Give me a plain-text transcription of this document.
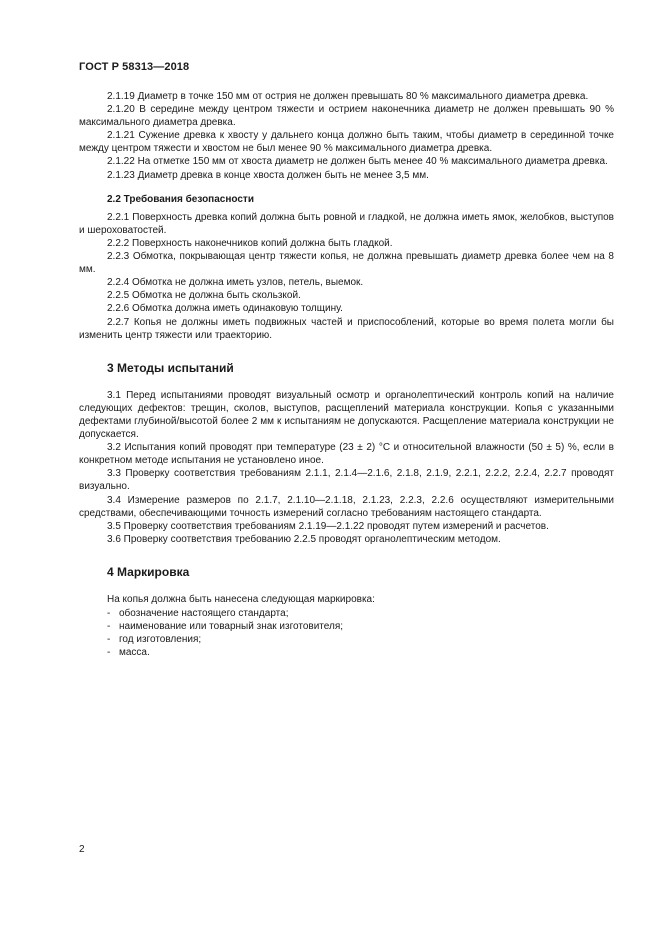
ГОСТ Р 58313—2018

2.1.19 Диаметр в точке 150 мм от острия не должен превышать 80 % максимального диаметра древка.

2.1.20 В середине между центром тяжести и острием наконечника диаметр не должен превышать 90 % максимального диаметра древка.

2.1.21 Сужение древка к хвосту у дальнего конца должно быть таким, чтобы диаметр в серединной точке между центром тяжести и хвостом не был менее 90 % максимального диаметра древка.

2.1.22 На отметке 150 мм от хвоста диаметр не должен быть менее 40 % максимального диаметра древка.

2.1.23 Диаметр древка в конце хвоста должен быть не менее 3,5 мм.

2.2 Требования безопасности

2.2.1 Поверхность древка копий должна быть ровной и гладкой, не должна иметь ямок, желобков, выступов и шероховатостей.

2.2.2 Поверхность наконечников копий должна быть гладкой.

2.2.3 Обмотка, покрывающая центр тяжести копья, не должна превышать диаметр древка более чем на 8 мм.

2.2.4 Обмотка не должна иметь узлов, петель, выемок.

2.2.5 Обмотка не должна быть скользкой.

2.2.6 Обмотка должна иметь одинаковую толщину.

2.2.7 Копья не должны иметь подвижных частей и приспособлений, которые во время полета могли бы изменить центр тяжести или траекторию.

3 Методы испытаний

3.1 Перед испытаниями проводят визуальный осмотр и органолептический контроль копий на наличие следующих дефектов: трещин, сколов, выступов, расщеплений материала конструкции. Копья с указанными дефектами глубиной/высотой более 2 мм к испытаниям не допускаются. Расщепление материала конструкции не допускается.

3.2 Испытания копий проводят при температуре (23 ± 2) °С и относительной влажности (50 ± 5) %, если в конкретном методе испытания не установлено иное.

3.3 Проверку соответствия требованиям 2.1.1, 2.1.4—2.1.6, 2.1.8, 2.1.9, 2.2.1, 2.2.2, 2.2.4, 2.2.7 проводят визуально.

3.4 Измерение размеров по 2.1.7, 2.1.10—2.1.18, 2.1.23, 2.2.3, 2.2.6 осуществляют измерительными средствами, обеспечивающими точность измерений согласно требованиям настоящего стандарта.

3.5 Проверку соответствия требованиям 2.1.19—2.1.22 проводят путем измерений и расчетов.

3.6 Проверку соответствия требованию 2.2.5 проводят органолептическим методом.

4 Маркировка

На копья должна быть нанесена следующая маркировка:

- обозначение настоящего стандарта;
- наименование или товарный знак изготовителя;
- год изготовления;
- масса.
2
